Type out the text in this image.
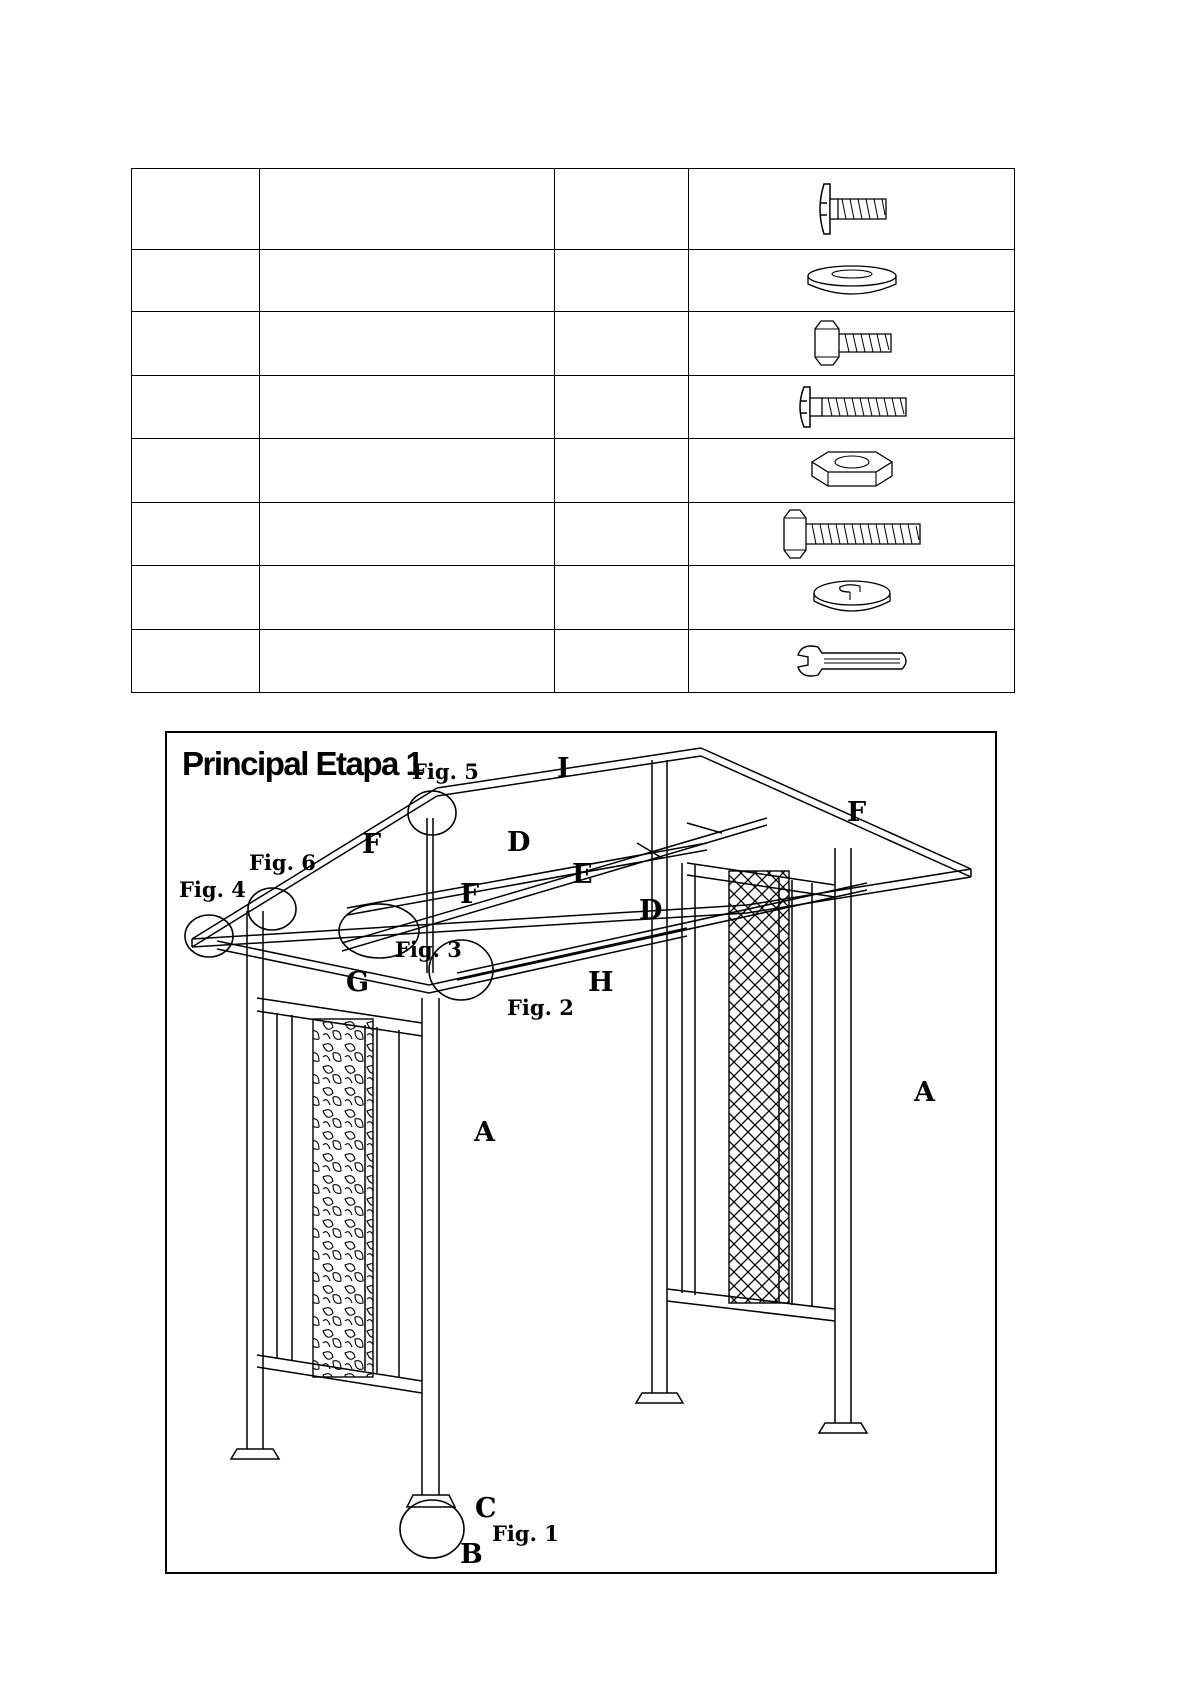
Principal Etapa 1
Fig. 5
Fig. 6
Fig. 4
Fig. 3
Fig. 2
Fig. 1
I
F
F	D
E
F
D
G	H
A
A
C
B
